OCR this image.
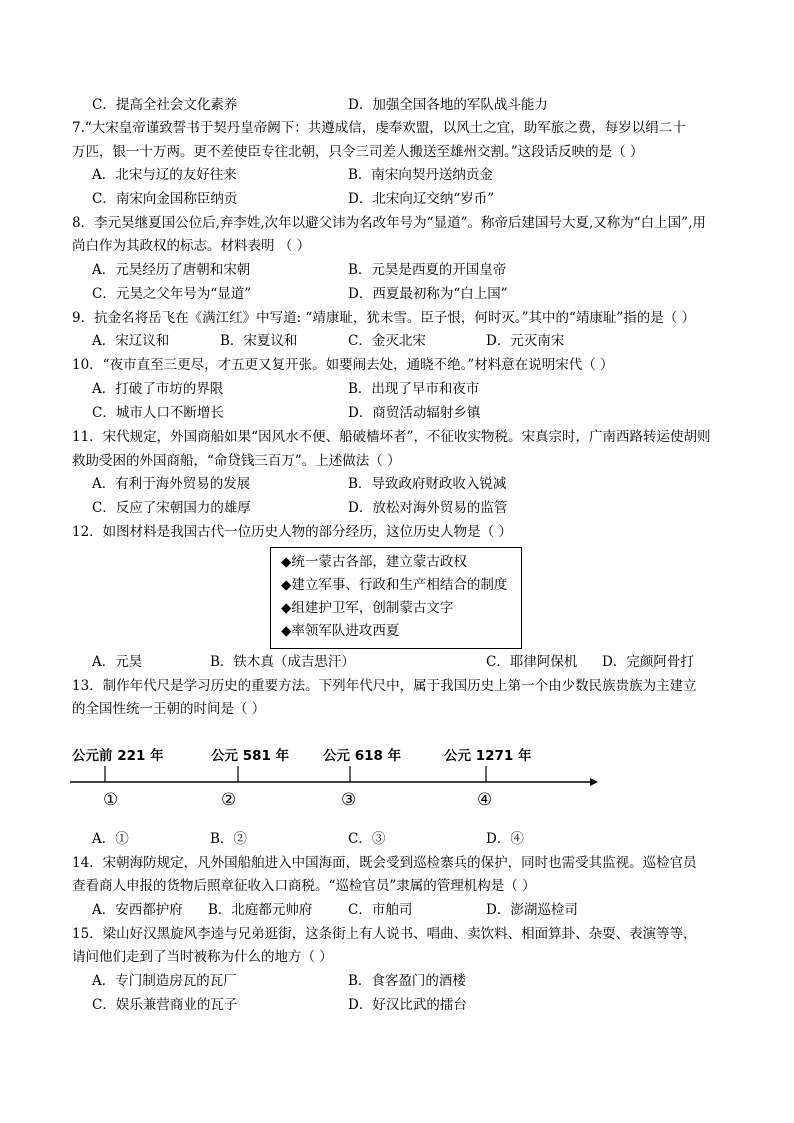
C．提高全社会文化素养	D．加强全国各地的军队战斗能力
7.“大宋皇帝谨致誓书于契丹皇帝阙下：共遵成信，虔奉欢盟，以风土之宜，助军旅之费，每岁以绢二十
万匹，银一十万两。更不差使臣专往北朝，只令三司差人搬送至雄州交割。”这段话反映的是（ ）
A．北宋与辽的友好往来	B．南宋向契丹送纳贡金
C．南宋向金国称臣纳贡	D．北宋向辽交纳“岁币”
8．李元昊继夏国公位后,弃李姓,次年以避父讳为名改年号为“显道”。称帝后建国号大夏,又称为“白上国”,用
尚白作为其政权的标志。材料表明 （ ）
A．元昊经历了唐朝和宋朝	B．元昊是西夏的开国皇帝
C．元昊之父年号为“显道”	D．西夏最初称为“白上国”
9．抗金名将岳飞在《满江红》中写道: “靖康耻，犹未雪。臣子恨，何时灭。”其中的“靖康耻”指的是（ ）
A．宋辽议和	B．宋夏议和	C．金灭北宋	D．元灭南宋
10．“夜市直至三更尽，才五更又复开张。如要闹去处，通晓不绝。”材料意在说明宋代（ ）
A．打破了市坊的界限	B．出现了早市和夜市
C．城市人口不断增长	D．商贸活动辐射乡镇
11．宋代规定，外国商船如果“因风水不便、船破樯坏者”，不征收实物税。宋真宗时，广南西路转运使胡则
救助受困的外国商船，“命贷钱三百万”。上述做法（ ）
A．有利于海外贸易的发展	B．导致政府财政收入锐减
C．反应了宋朝国力的雄厚	D．放松对海外贸易的监管
12．如图材料是我国古代一位历史人物的部分经历，这位历史人物是（ ）
◆统一蒙古各部，建立蒙古政权
◆建立军事、行政和生产相结合的制度
◆组建护卫军，创制蒙古文字
◆率领军队进攻西夏
A．元昊	B．铁木真（成吉思汗）	C．耶律阿保机 D．完颜阿骨打
13．制作年代尺是学习历史的重要方法。下列年代尺中，属于我国历史上第一个由少数民族贵族为主建立
的全国性统一王朝的时间是（ ）
公元前 221 年	公元 581 年	公元 618 年	公元 1271 年
①	②	③	④
A．①	B．②	C．③	D．④
14．宋朝海防规定，凡外国船舶进入中国海面，既会受到巡检寨兵的保护，同时也需受其监视。巡检官员
查看商人申报的货物后照章征收入口商税。“巡检官员”隶属的管理机构是（ ）
A．安西都护府 B．北庭都元帅府	C．市舶司	D．澎湖巡检司
15．梁山好汉黑旋风李逵与兄弟逛街，这条街上有人说书、唱曲、卖饮料、相面算卦、杂耍、表演等等，
请问他们走到了当时被称为什么的地方（ ）
A．专门制造房瓦的瓦厂	B．食客盈门的酒楼
C．娱乐兼营商业的瓦子	D．好汉比武的擂台
